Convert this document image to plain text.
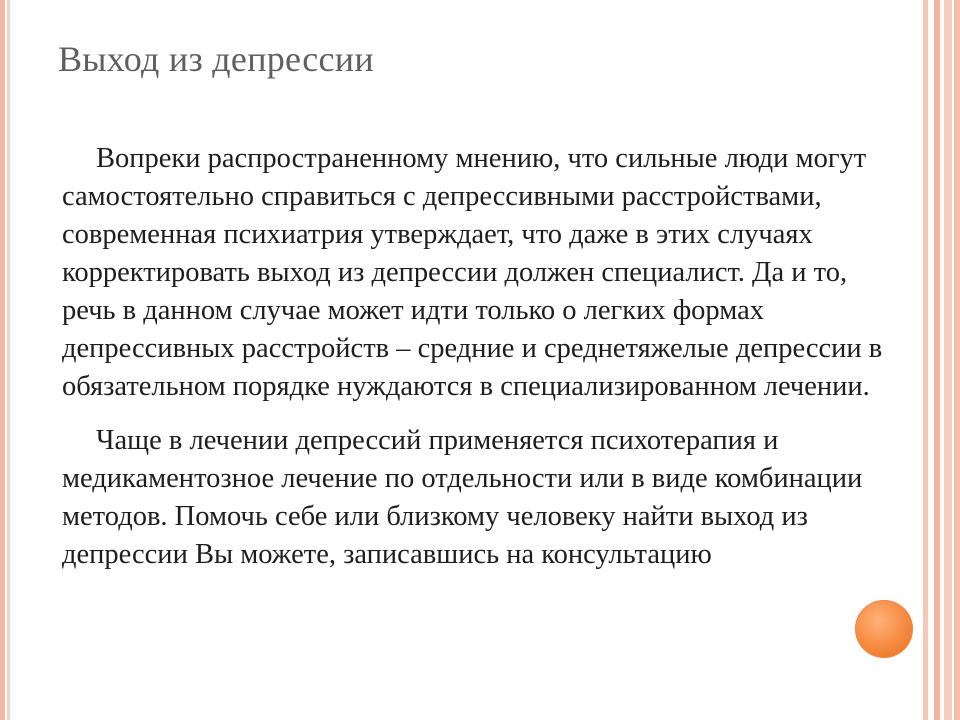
Выход из депрессии

Вопреки распространенному мнению, что сильные люди могут самостоятельно справиться с депрессивными расстройствами, современная психиатрия утверждает, что даже в этих случаях корректировать выход из депрессии должен специалист. Да и то, речь в данном случае может идти только о легких формах депрессивных расстройств – средние и среднетяжелые депрессии в обязательном порядке нуждаются в специализированном лечении.

Чаще в лечении депрессий применяется психотерапия и медикаментозное лечение по отдельности или в виде комбинации методов. Помочь себе или близкому человеку найти выход из депрессии Вы можете, записавшись на консультацию
